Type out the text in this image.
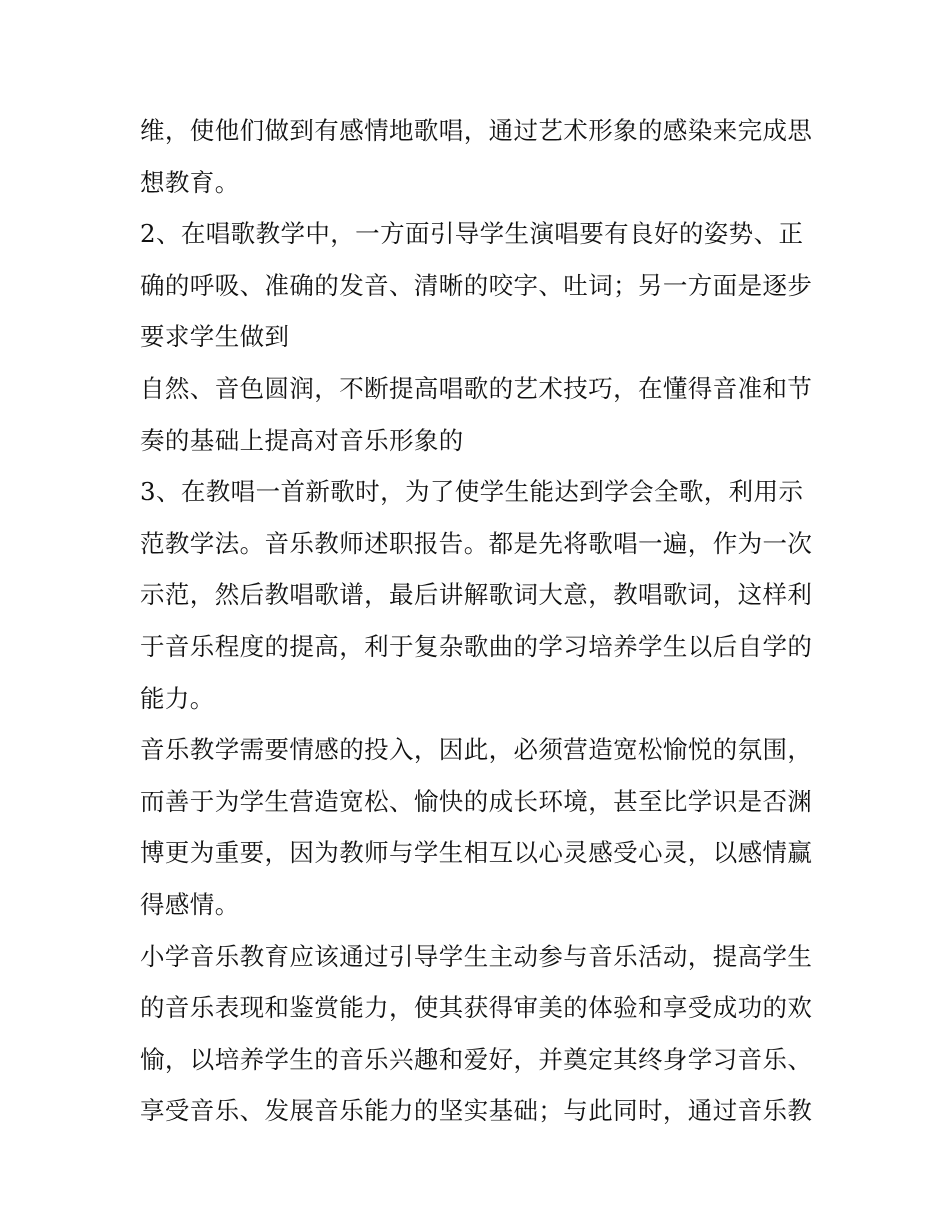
维，使他们做到有感情地歌唱，通过艺术形象的感染来完成思
想教育。
2、在唱歌教学中，一方面引导学生演唱要有良好的姿势、正
确的呼吸、准确的发音、清晰的咬字、吐词；另一方面是逐步
要求学生做到
自然、音色圆润，不断提高唱歌的艺术技巧，在懂得音准和节
奏的基础上提高对音乐形象的
3、在教唱一首新歌时，为了使学生能达到学会全歌，利用示
范教学法。音乐教师述职报告。都是先将歌唱一遍，作为一次
示范，然后教唱歌谱，最后讲解歌词大意，教唱歌词，这样利
于音乐程度的提高，利于复杂歌曲的学习培养学生以后自学的
能力。
音乐教学需要情感的投入，因此，必须营造宽松愉悦的氛围，
而善于为学生营造宽松、愉快的成长环境，甚至比学识是否渊
博更为重要，因为教师与学生相互以心灵感受心灵，以感情赢
得感情。
小学音乐教育应该通过引导学生主动参与音乐活动，提高学生
的音乐表现和鉴赏能力，使其获得审美的体验和享受成功的欢
愉，以培养学生的音乐兴趣和爱好，并奠定其终身学习音乐、
享受音乐、发展音乐能力的坚实基础；与此同时，通过音乐教
